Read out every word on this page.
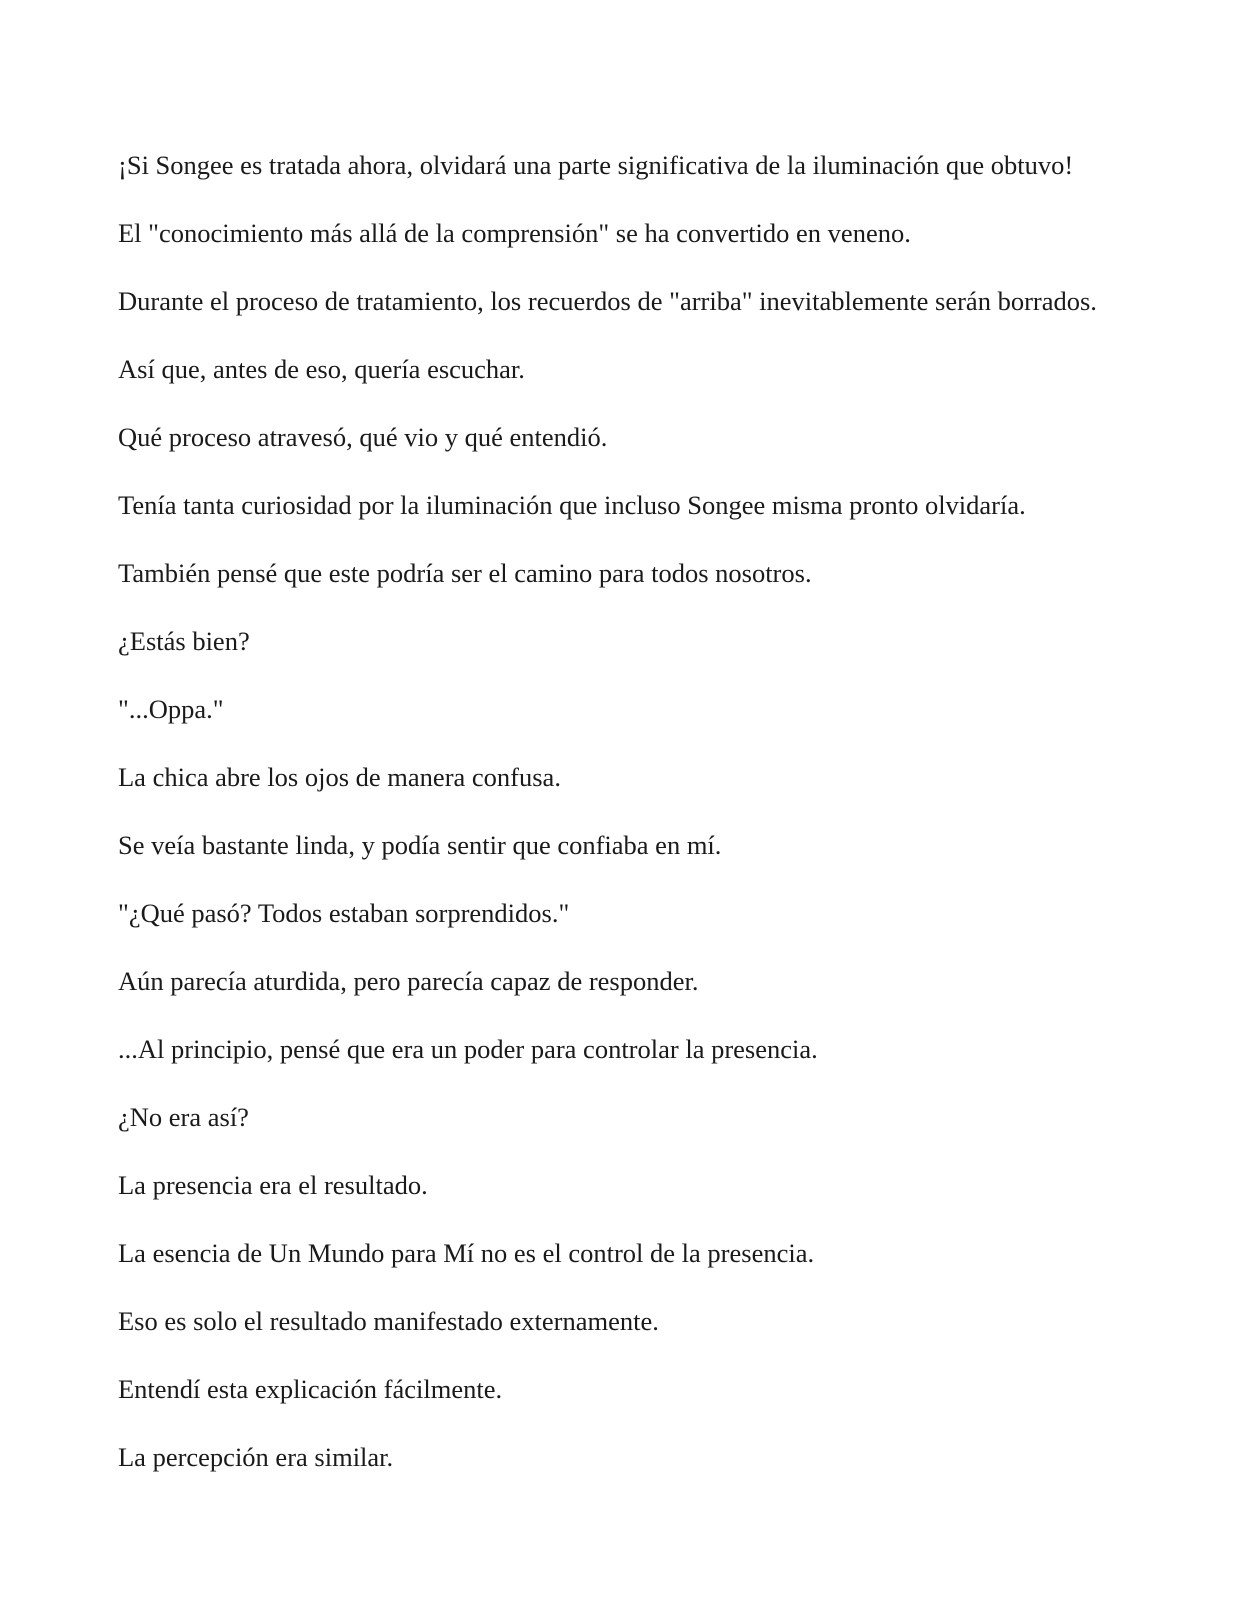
¡Si Songee es tratada ahora, olvidará una parte significativa de la iluminación que obtuvo!

El "conocimiento más allá de la comprensión" se ha convertido en veneno.

Durante el proceso de tratamiento, los recuerdos de "arriba" inevitablemente serán borrados.

Así que, antes de eso, quería escuchar.

Qué proceso atravesó, qué vio y qué entendió.

Tenía tanta curiosidad por la iluminación que incluso Songee misma pronto olvidaría.

También pensé que este podría ser el camino para todos nosotros.

¿Estás bien?

"...Oppa."

La chica abre los ojos de manera confusa.

Se veía bastante linda, y podía sentir que confiaba en mí.

"¿Qué pasó? Todos estaban sorprendidos."

Aún parecía aturdida, pero parecía capaz de responder.

...Al principio, pensé que era un poder para controlar la presencia.

¿No era así?

La presencia era el resultado.

La esencia de Un Mundo para Mí no es el control de la presencia.

Eso es solo el resultado manifestado externamente.

Entendí esta explicación fácilmente.

La percepción era similar.
